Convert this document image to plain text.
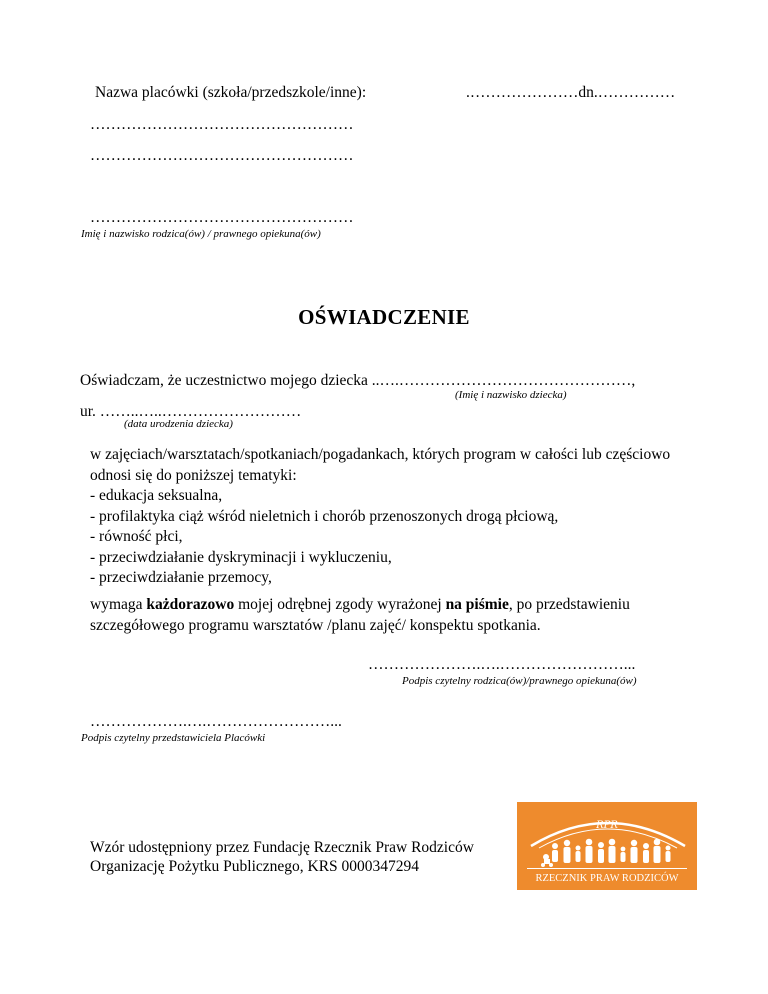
Nazwa placówki (szkoła/przedszkole/inne):	.…………………dn.……………
……………………………………………
……………………………………………
……………………………………………
Imię i nazwisko rodzica(ów) / prawnego opiekuna(ów)
OŚWIADCZENIE
Oświadczam, że uczestnictwo mojego dziecka ..….………………………………………,
(Imię i nazwisko dziecka)
ur. ……..…..………………………
(data urodzenia dziecka)
w zajęciach/warsztatach/spotkaniach/pogadankach, których program w całości lub częściowo
odnosi się do poniższej tematyki:
- edukacja seksualna,
- profilaktyka ciąż wśród nieletnich i chorób przenoszonych drogą płciową,
- równość płci,
- przeciwdziałanie dyskryminacji i wykluczeniu,
- przeciwdziałanie przemocy,
wymaga każdorazowo mojej odrębnej zgody wyrażonej na piśmie, po przedstawieniu
szczegółowego programu warsztatów /planu zajęć/ konspektu spotkania.
………………….….……………………...
Podpis czytelny rodzica(ów)/prawnego opiekuna(ów)
……………….….……………………...
Podpis czytelny przedstawiciela Placówki
Wzór udostępniony przez Fundację Rzecznik Praw Rodziców
Organizację Pożytku Publicznego, KRS 0000347294
RPR
RZECZNIK PRAW RODZICÓW
